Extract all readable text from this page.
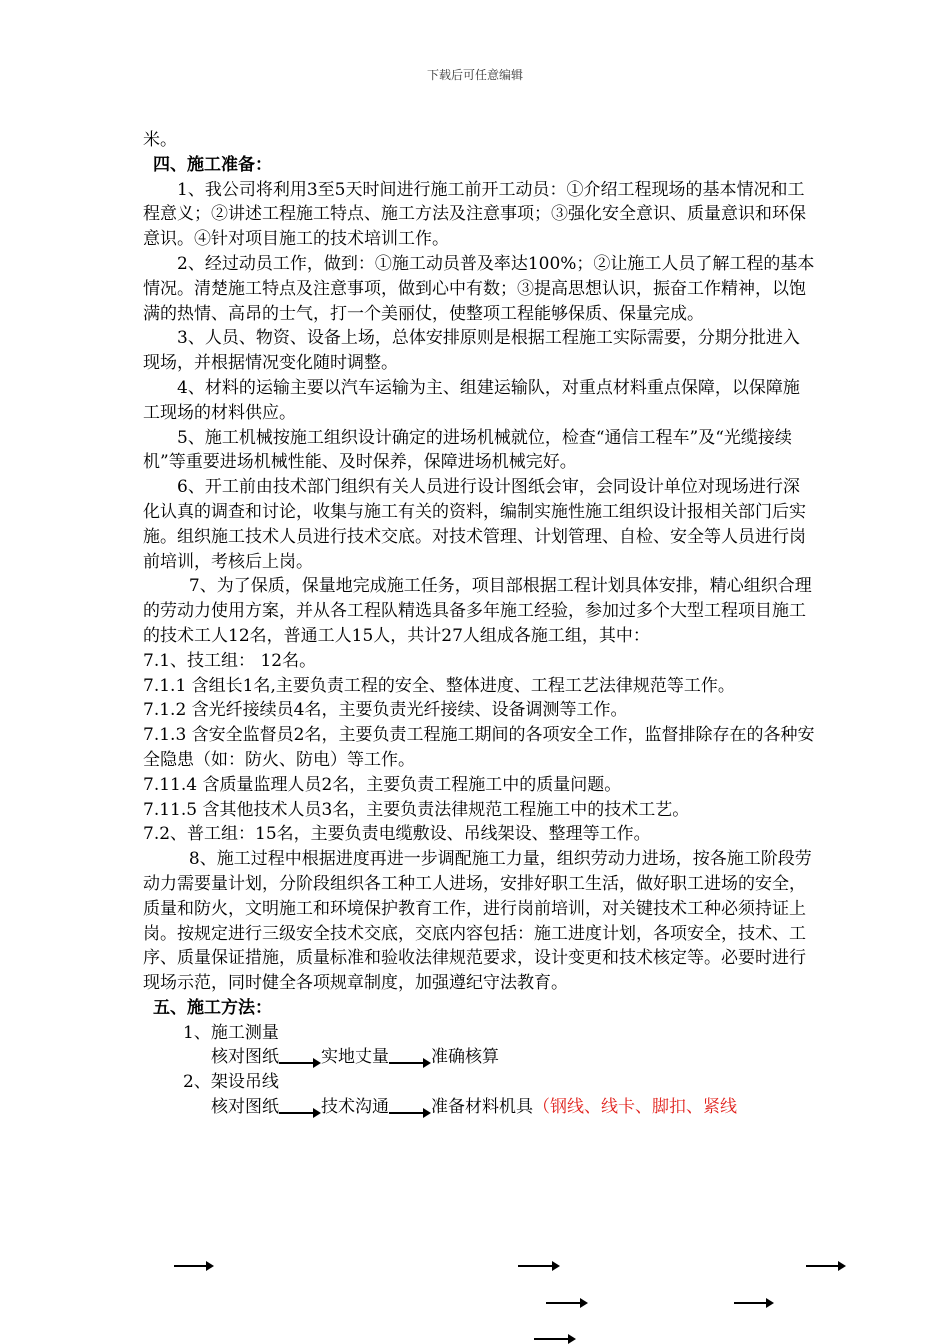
下载后可任意编辑

米。

四、施工准备：

1、我公司将利用3至5天时间进行施工前开工动员：①介绍工程现场的基本情况和工程意义；②讲述工程施工特点、施工方法及注意事项；③强化安全意识、质量意识和环保意识。④针对项目施工的技术培训工作。

2、经过动员工作，做到：①施工动员普及率达100%；②让施工人员了解工程的基本情况。清楚施工特点及注意事项，做到心中有数；③提高思想认识，振奋工作精神，以饱满的热情、高昂的士气，打一个美丽仗，使整项工程能够保质、保量完成。

3、人员、物资、设备上场，总体安排原则是根据工程施工实际需要，分期分批进入现场，并根据情况变化随时调整。

4、材料的运输主要以汽车运输为主、组建运输队，对重点材料重点保障，以保障施工现场的材料供应。

5、施工机械按施工组织设计确定的进场机械就位，检查“通信工程车”及“光缆接续机”等重要进场机械性能、及时保养，保障进场机械完好。

6、开工前由技术部门组织有关人员进行设计图纸会审，会同设计单位对现场进行深化认真的调查和讨论，收集与施工有关的资料，编制实施性施工组织设计报相关部门后实施。组织施工技术人员进行技术交底。对技术管理、计划管理、自检、安全等人员进行岗前培训，考核后上岗。

7、为了保质，保量地完成施工任务，项目部根据工程计划具体安排，精心组织合理的劳动力使用方案，并从各工程队精选具备多年施工经验，参加过多个大型工程项目施工的技术工人12名，普通工人15人，共计27人组成各施工组，其中：

7.1、技工组： 12名。

7.1.1 含组长1名,主要负责工程的安全、整体进度、工程工艺法律规范等工作。

7.1.2 含光纤接续员4名，主要负责光纤接续、设备调测等工作。

7.1.3 含安全监督员2名，主要负责工程施工期间的各项安全工作，监督排除存在的各种安全隐患（如：防火、防电）等工作。

7.11.4 含质量监理人员2名，主要负责工程施工中的质量问题。

7.11.5 含其他技术人员3名，主要负责法律规范工程施工中的技术工艺。

7.2、普工组：15名，主要负责电缆敷设、吊线架设、整理等工作。

8、施工过程中根据进度再进一步调配施工力量，组织劳动力进场，按各施工阶段劳动力需要量计划，分阶段组织各工种工人进场，安排好职工生活，做好职工进场的安全，质量和防火，文明施工和环境保护教育工作，进行岗前培训，对关键技术工种必须持证上岗。按规定进行三级安全技术交底，交底内容包括：施工进度计划，各项安全，技术、工序、质量保证措施，质量标准和验收法律规范要求，设计变更和技术核定等。必要时进行现场示范，同时健全各项规章制度，加强遵纪守法教育。

五、施工方法：

1、施工测量

核对图纸 实地丈量 准确核算

2、架设吊线

核对图纸 技术沟通 准备材料机具（钢线、线卡、脚扣、紧线
